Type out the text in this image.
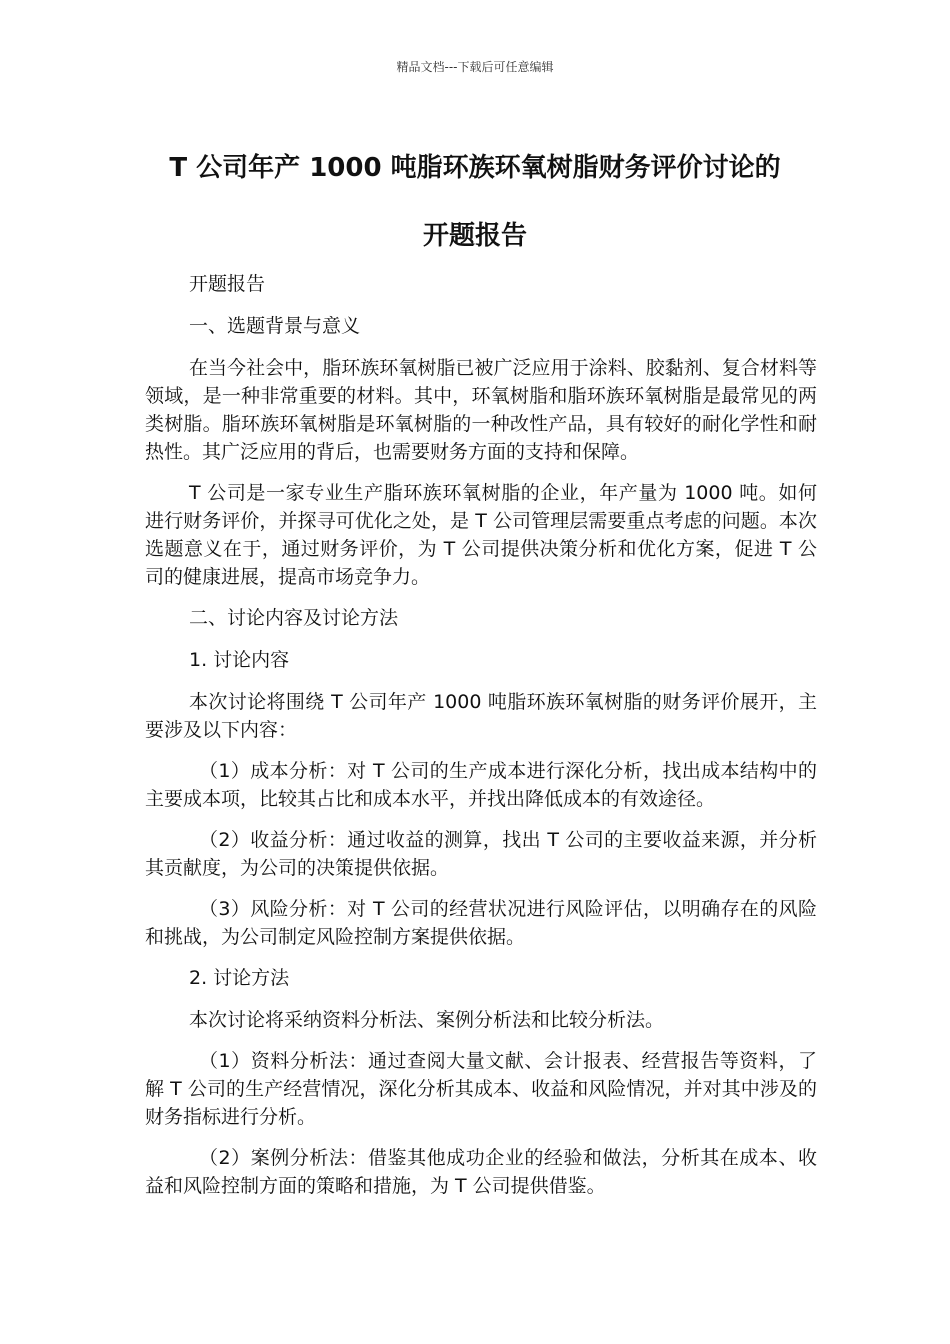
精品文档---下载后可任意编辑
T 公司年产 1000 吨脂环族环氧树脂财务评价讨论的
开题报告

开题报告

一、选题背景与意义

在当今社会中，脂环族环氧树脂已被广泛应用于涂料、胶黏剂、复合材料等领域，是一种非常重要的材料。其中，环氧树脂和脂环族环氧树脂是最常见的两类树脂。脂环族环氧树脂是环氧树脂的一种改性产品，具有较好的耐化学性和耐热性。其广泛应用的背后，也需要财务方面的支持和保障。

T 公司是一家专业生产脂环族环氧树脂的企业，年产量为 1000 吨。如何进行财务评价，并探寻可优化之处，是 T 公司管理层需要重点考虑的问题。本次选题意义在于，通过财务评价，为 T 公司提供决策分析和优化方案，促进 T 公司的健康进展，提高市场竞争力。

二、讨论内容及讨论方法

1. 讨论内容

本次讨论将围绕 T 公司年产 1000 吨脂环族环氧树脂的财务评价展开，主要涉及以下内容：

（1）成本分析：对 T 公司的生产成本进行深化分析，找出成本结构中的主要成本项，比较其占比和成本水平，并找出降低成本的有效途径。

（2）收益分析：通过收益的测算，找出 T 公司的主要收益来源，并分析其贡献度，为公司的决策提供依据。

（3）风险分析：对 T 公司的经营状况进行风险评估，以明确存在的风险和挑战，为公司制定风险控制方案提供依据。

2. 讨论方法

本次讨论将采纳资料分析法、案例分析法和比较分析法。

（1）资料分析法：通过查阅大量文献、会计报表、经营报告等资料，了解 T 公司的生产经营情况，深化分析其成本、收益和风险情况，并对其中涉及的财务指标进行分析。

（2）案例分析法：借鉴其他成功企业的经验和做法，分析其在成本、收益和风险控制方面的策略和措施，为 T 公司提供借鉴。
